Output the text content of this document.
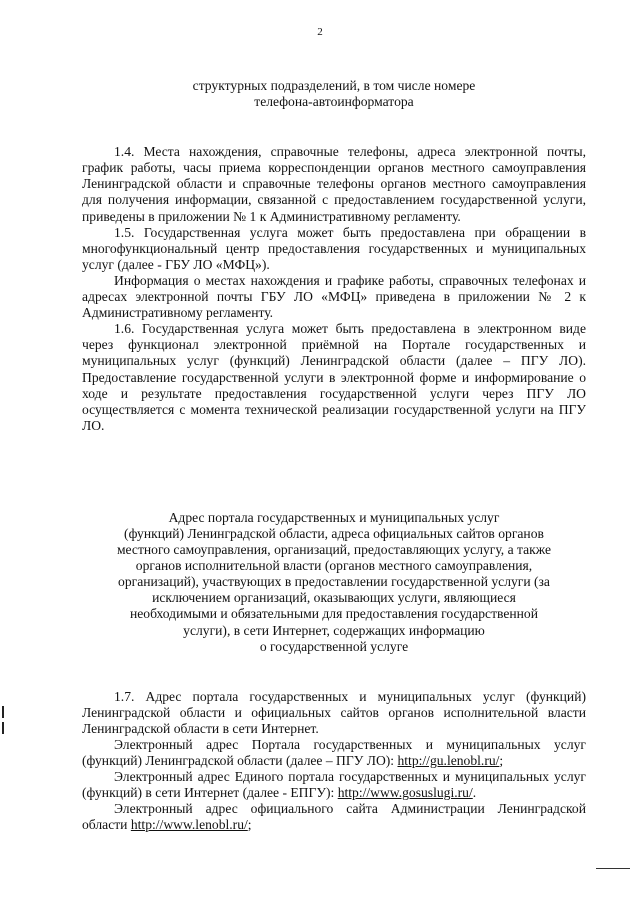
2
структурных подразделений, в том числе номере
телефона-автоинформатора

1.4. Места нахождения, справочные телефоны, адреса электронной почты, график работы, часы приема корреспонденции органов местного самоуправления Ленинградской области и справочные телефоны органов местного самоуправления для получения информации, связанной с предоставлением государственной услуги, приведены в приложении № 1 к Административному регламенту.

1.5. Государственная услуга может быть предоставлена при обращении в многофункциональный центр предоставления государственных и муниципальных услуг (далее - ГБУ ЛО «МФЦ»).

Информация о местах нахождения и графике работы, справочных телефонах и адресах электронной почты ГБУ ЛО «МФЦ» приведена в приложении № 2 к Административному регламенту.

1.6. Государственная услуга может быть предоставлена в электронном виде через функционал электронной приёмной на Портале государственных и муниципальных услуг (функций) Ленинградской области (далее – ПГУ ЛО). Предоставление государственной услуги в электронной форме и информирование о ходе и результате предоставления государственной услуги через ПГУ ЛО осуществляется с момента технической реализации государственной услуги на ПГУ ЛО.

Адрес портала государственных и муниципальных услуг
(функций) Ленинградской области, адреса официальных сайтов органов
местного самоуправления, организаций, предоставляющих услугу, а также
органов исполнительной власти (органов местного самоуправления,
организаций), участвующих в предоставлении государственной услуги (за
исключением организаций, оказывающих услуги, являющиеся
необходимыми и обязательными для предоставления государственной
услуги), в сети Интернет, содержащих информацию
о государственной услуге

1.7. Адрес портала государственных и муниципальных услуг (функций) Ленинградской области и официальных сайтов органов исполнительной власти Ленинградской области в сети Интернет.

Электронный адрес Портала государственных и муниципальных услуг (функций) Ленинградской области (далее – ПГУ ЛО): http://gu.lenobl.ru/;

Электронный адрес Единого портала государственных и муниципальных услуг (функций) в сети Интернет (далее - ЕПГУ): http://www.gosuslugi.ru/.

Электронный адрес официального сайта Администрации Ленинградской области http://www.lenobl.ru/;
